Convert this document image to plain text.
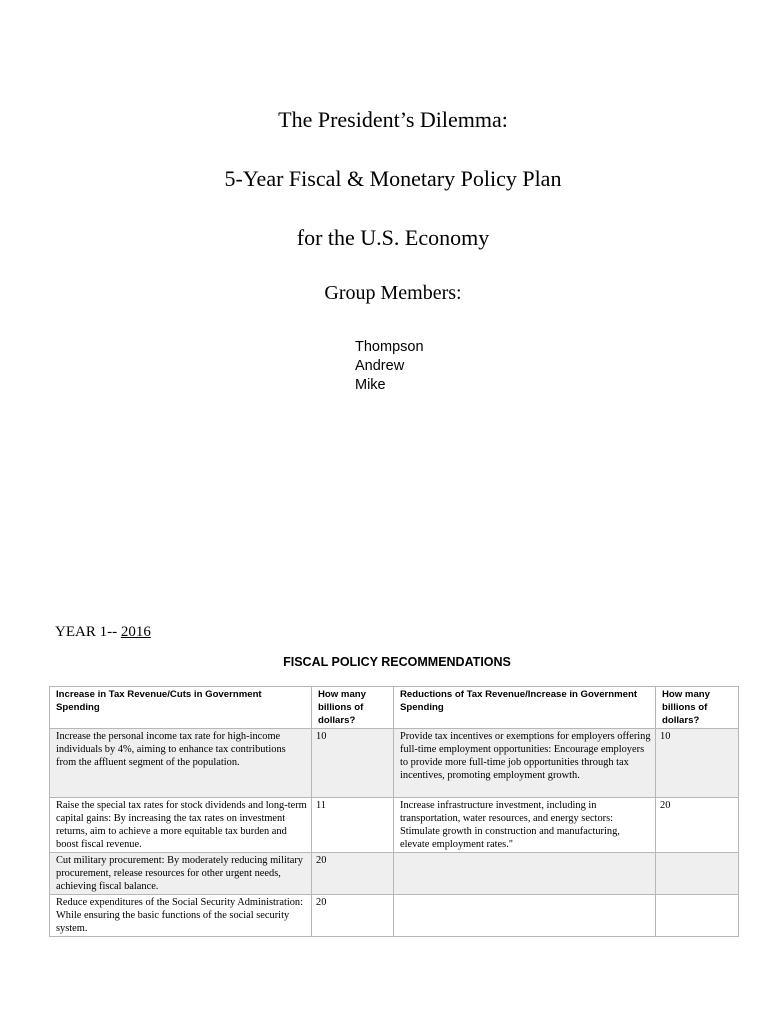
The President’s Dilemma:
5-Year Fiscal & Monetary Policy Plan
for the U.S. Economy
Group Members:
Thompson
Andrew
Mike
YEAR 1-- 2016
FISCAL POLICY RECOMMENDATIONS
Increase in Tax Revenue/Cuts in Government Spending	How many billions of dollars?	Reductions of Tax Revenue/Increase in Government Spending	How many billions of dollars?
Increase the personal income tax rate for high-income individuals by 4%, aiming to enhance tax contributions from the affluent segment of the population.	10	Provide tax incentives or exemptions for employers offering full-time employment opportunities: Encourage employers to provide more full-time job opportunities through tax incentives, promoting employment growth.	10
Raise the special tax rates for stock dividends and long-term capital gains: By increasing the tax rates on investment returns, aim to achieve a more equitable tax burden and boost fiscal revenue.	11	Increase infrastructure investment, including in transportation, water resources, and energy sectors: Stimulate growth in construction and manufacturing, elevate employment rates."	20
Cut military procurement: By moderately reducing military procurement, release resources for other urgent needs, achieving fiscal balance.	20		
Reduce expenditures of the Social Security Administration: While ensuring the basic functions of the social security system.	20		
